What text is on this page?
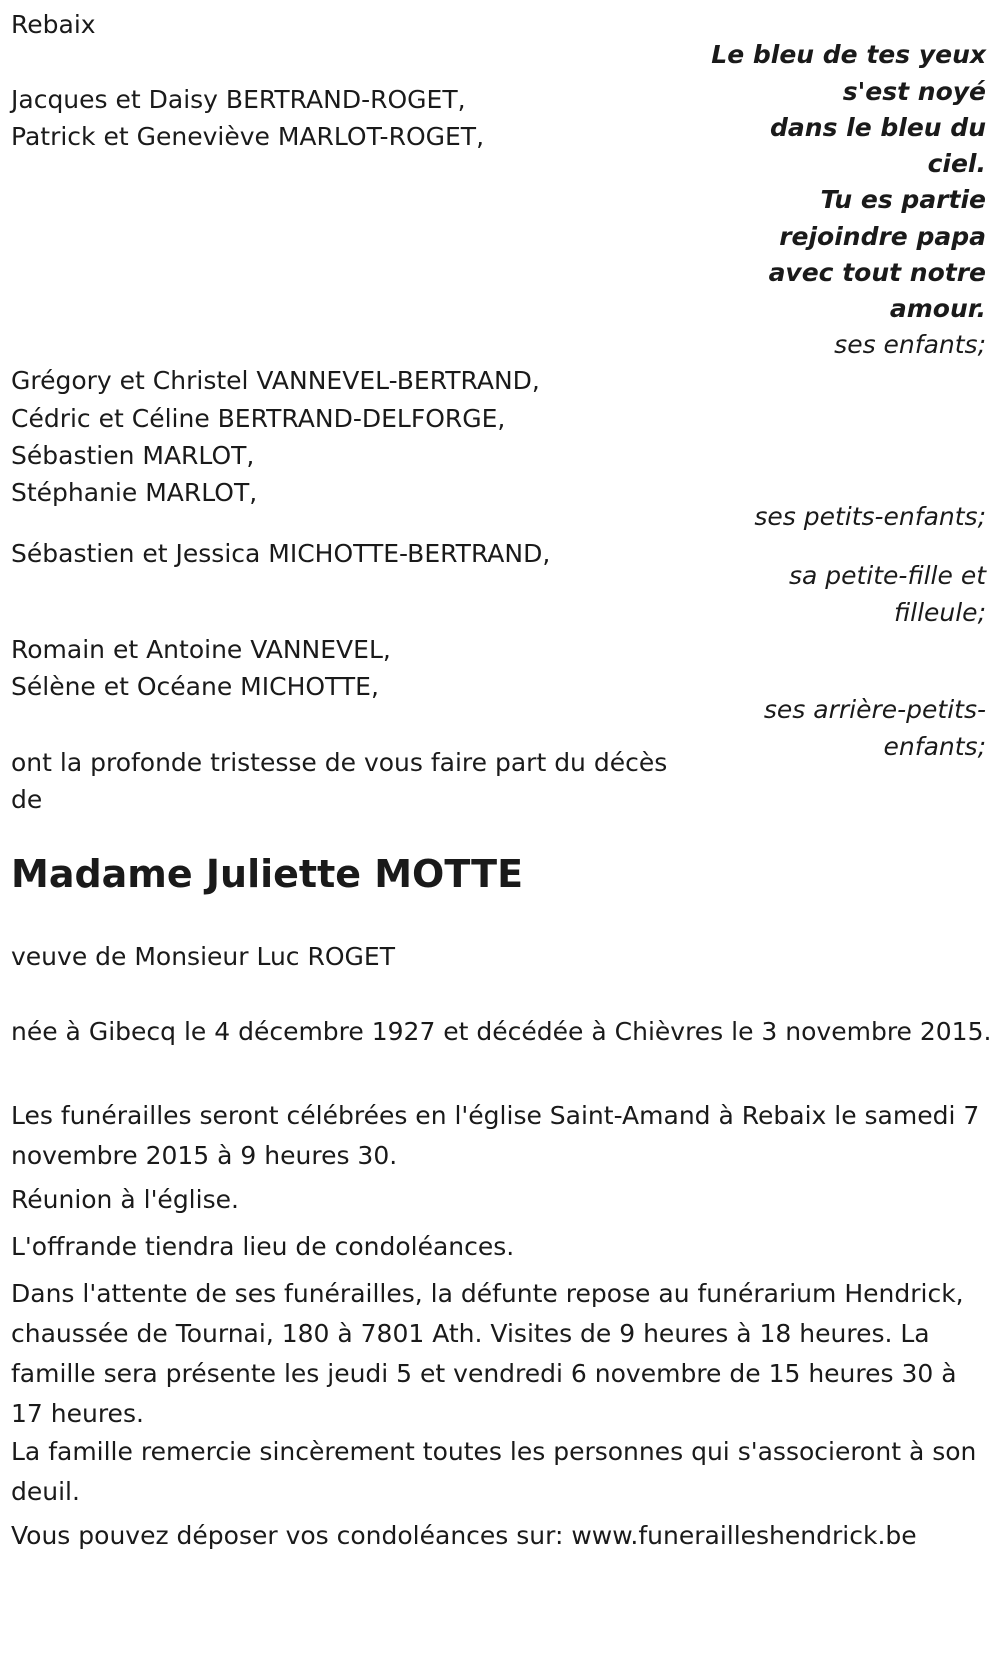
Rebaix
Le bleu de tes yeux
s'est noyé
dans le bleu du
ciel.
Tu es partie
rejoindre papa
avec tout notre
amour.
Jacques et Daisy BERTRAND-ROGET,
Patrick et Geneviève MARLOT-ROGET,
ses enfants;
Grégory et Christel VANNEVEL-BERTRAND,
Cédric et Céline BERTRAND-DELFORGE,
Sébastien MARLOT,
Stéphanie MARLOT,
ses petits-enfants;
Sébastien et Jessica MICHOTTE-BERTRAND,
sa petite-fille et
filleule;
Romain et Antoine VANNEVEL,
Sélène et Océane MICHOTTE,
ses arrière-petits-
enfants;
ont la profonde tristesse de vous faire part du décès
de
Madame Juliette MOTTE
veuve de Monsieur Luc ROGET
née à Gibecq le 4 décembre 1927 et décédée à Chièvres le 3 novembre 2015.
Les funérailles seront célébrées en l'église Saint-Amand à Rebaix le samedi 7 novembre 2015 à 9 heures 30.
Réunion à l'église.
L'offrande tiendra lieu de condoléances.
Dans l'attente de ses funérailles, la défunte repose au funérarium Hendrick, chaussée de Tournai, 180 à 7801 Ath. Visites de 9 heures à 18 heures. La famille sera présente les jeudi 5 et vendredi 6 novembre de 15 heures 30 à 17 heures.
La famille remercie sincèrement toutes les personnes qui s'associeront à son deuil.
Vous pouvez déposer vos condoléances sur: www.funerailleshendrick.be
